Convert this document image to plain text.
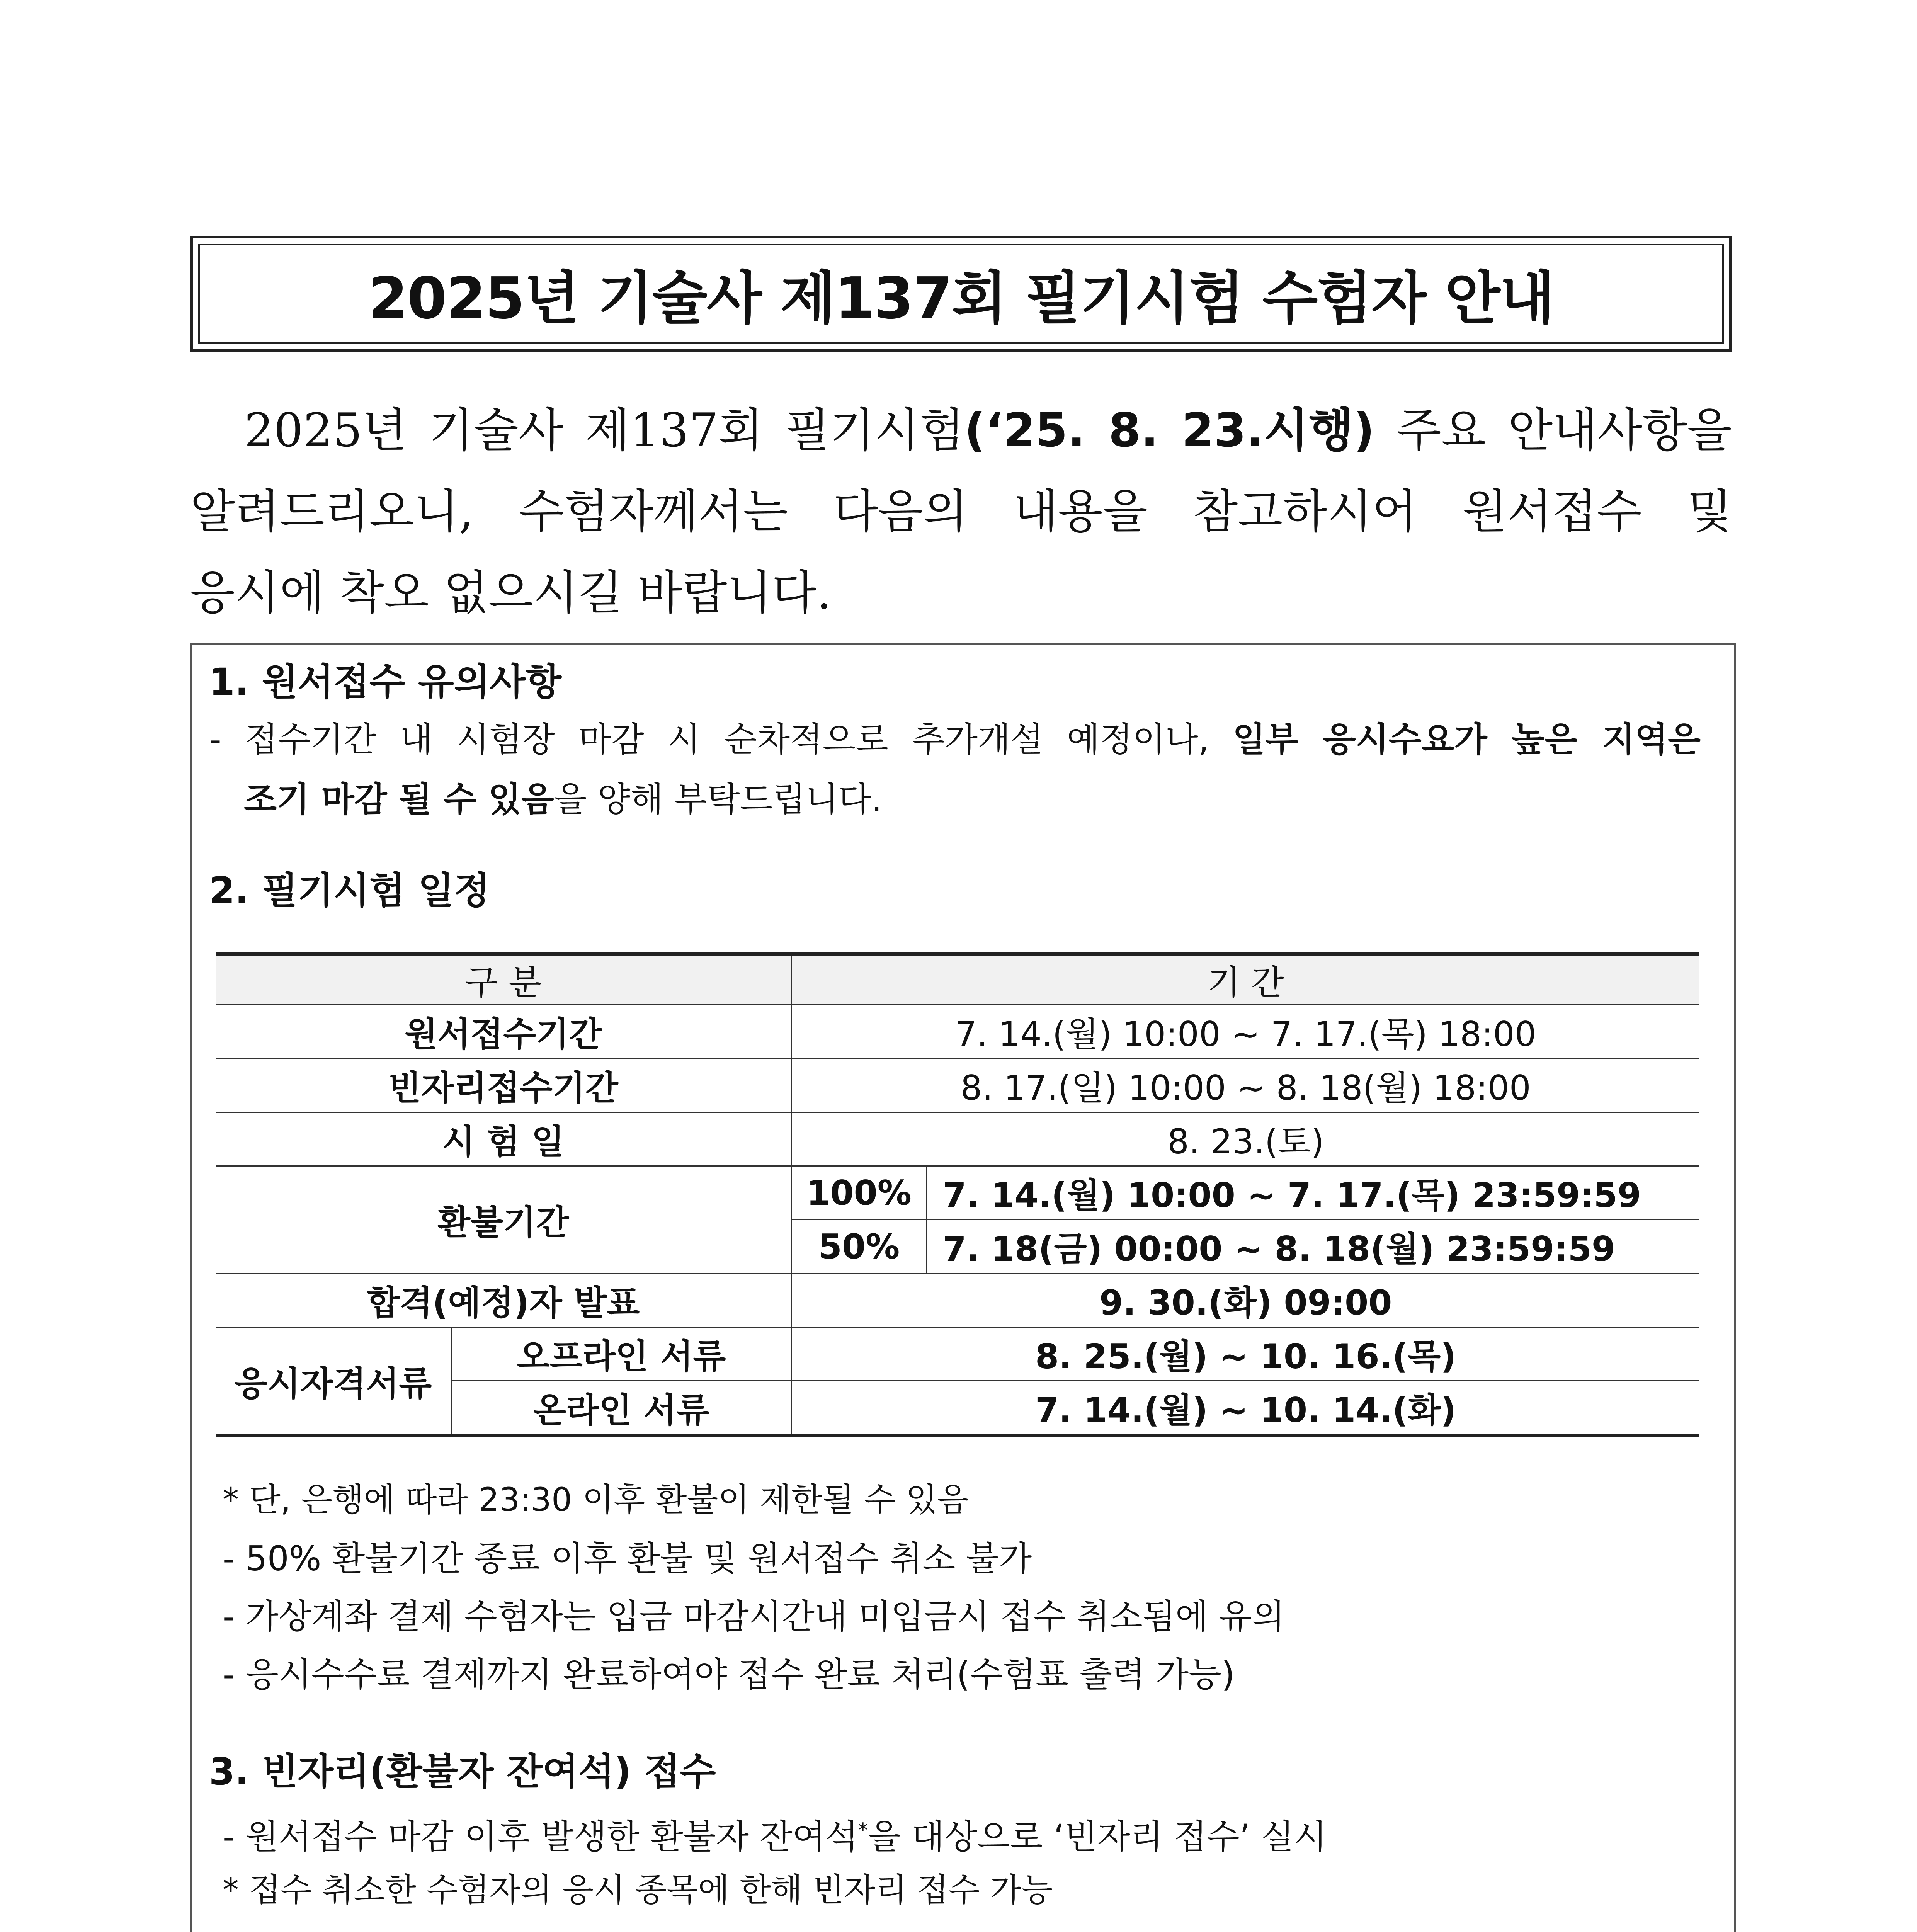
2025년 기술사 제137회 필기시험 수험자 안내
2025년 기술사 제137회 필기시험(‘25. 8. 23.시행) 주요 안내사항을
알려드리오니, 수험자께서는 다음의 내용을 참고하시어 원서접수 및
응시에 착오 없으시길 바랍니다.
1. 원서접수 유의사항
- 접수기간 내 시험장 마감 시 순차적으로 추가개설 예정이나, 일부 응시수요가 높은 지역은
조기 마감 될 수 있음을 양해 부탁드립니다.
2. 필기시험 일정
구 분		기 간	
원서접수기간		7. 14.(월) 10:00 ~ 7. 17.(목) 18:00	
빈자리접수기간		8. 17.(일) 10:00 ~ 8. 18(월) 18:00	
시 험 일		8. 23.(토)	
환불기간		100%	7. 14.(월) 10:00 ~ 7. 17.(목) 23:59:59
		50%	7. 18(금) 00:00 ~ 8. 18(월) 23:59:59
합격(예정)자 발표		9. 30.(화) 09:00	
응시자격서류	오프라인 서류	8. 25.(월) ~ 10. 16.(목)	
	온라인 서류	7. 14.(월) ~ 10. 14.(화)	
* 단, 은행에 따라 23:30 이후 환불이 제한될 수 있음
- 50% 환불기간 종료 이후 환불 및 원서접수 취소 불가
- 가상계좌 결제 수험자는 입금 마감시간내 미입금시 접수 취소됨에 유의
- 응시수수료 결제까지 완료하여야 접수 완료 처리(수험표 출력 가능)
3. 빈자리(환불자 잔여석) 접수
- 원서접수 마감 이후 발생한 환불자 잔여석*을 대상으로 ‘빈자리 접수’ 실시
* 접수 취소한 수험자의 응시 종목에 한해 빈자리 접수 가능
